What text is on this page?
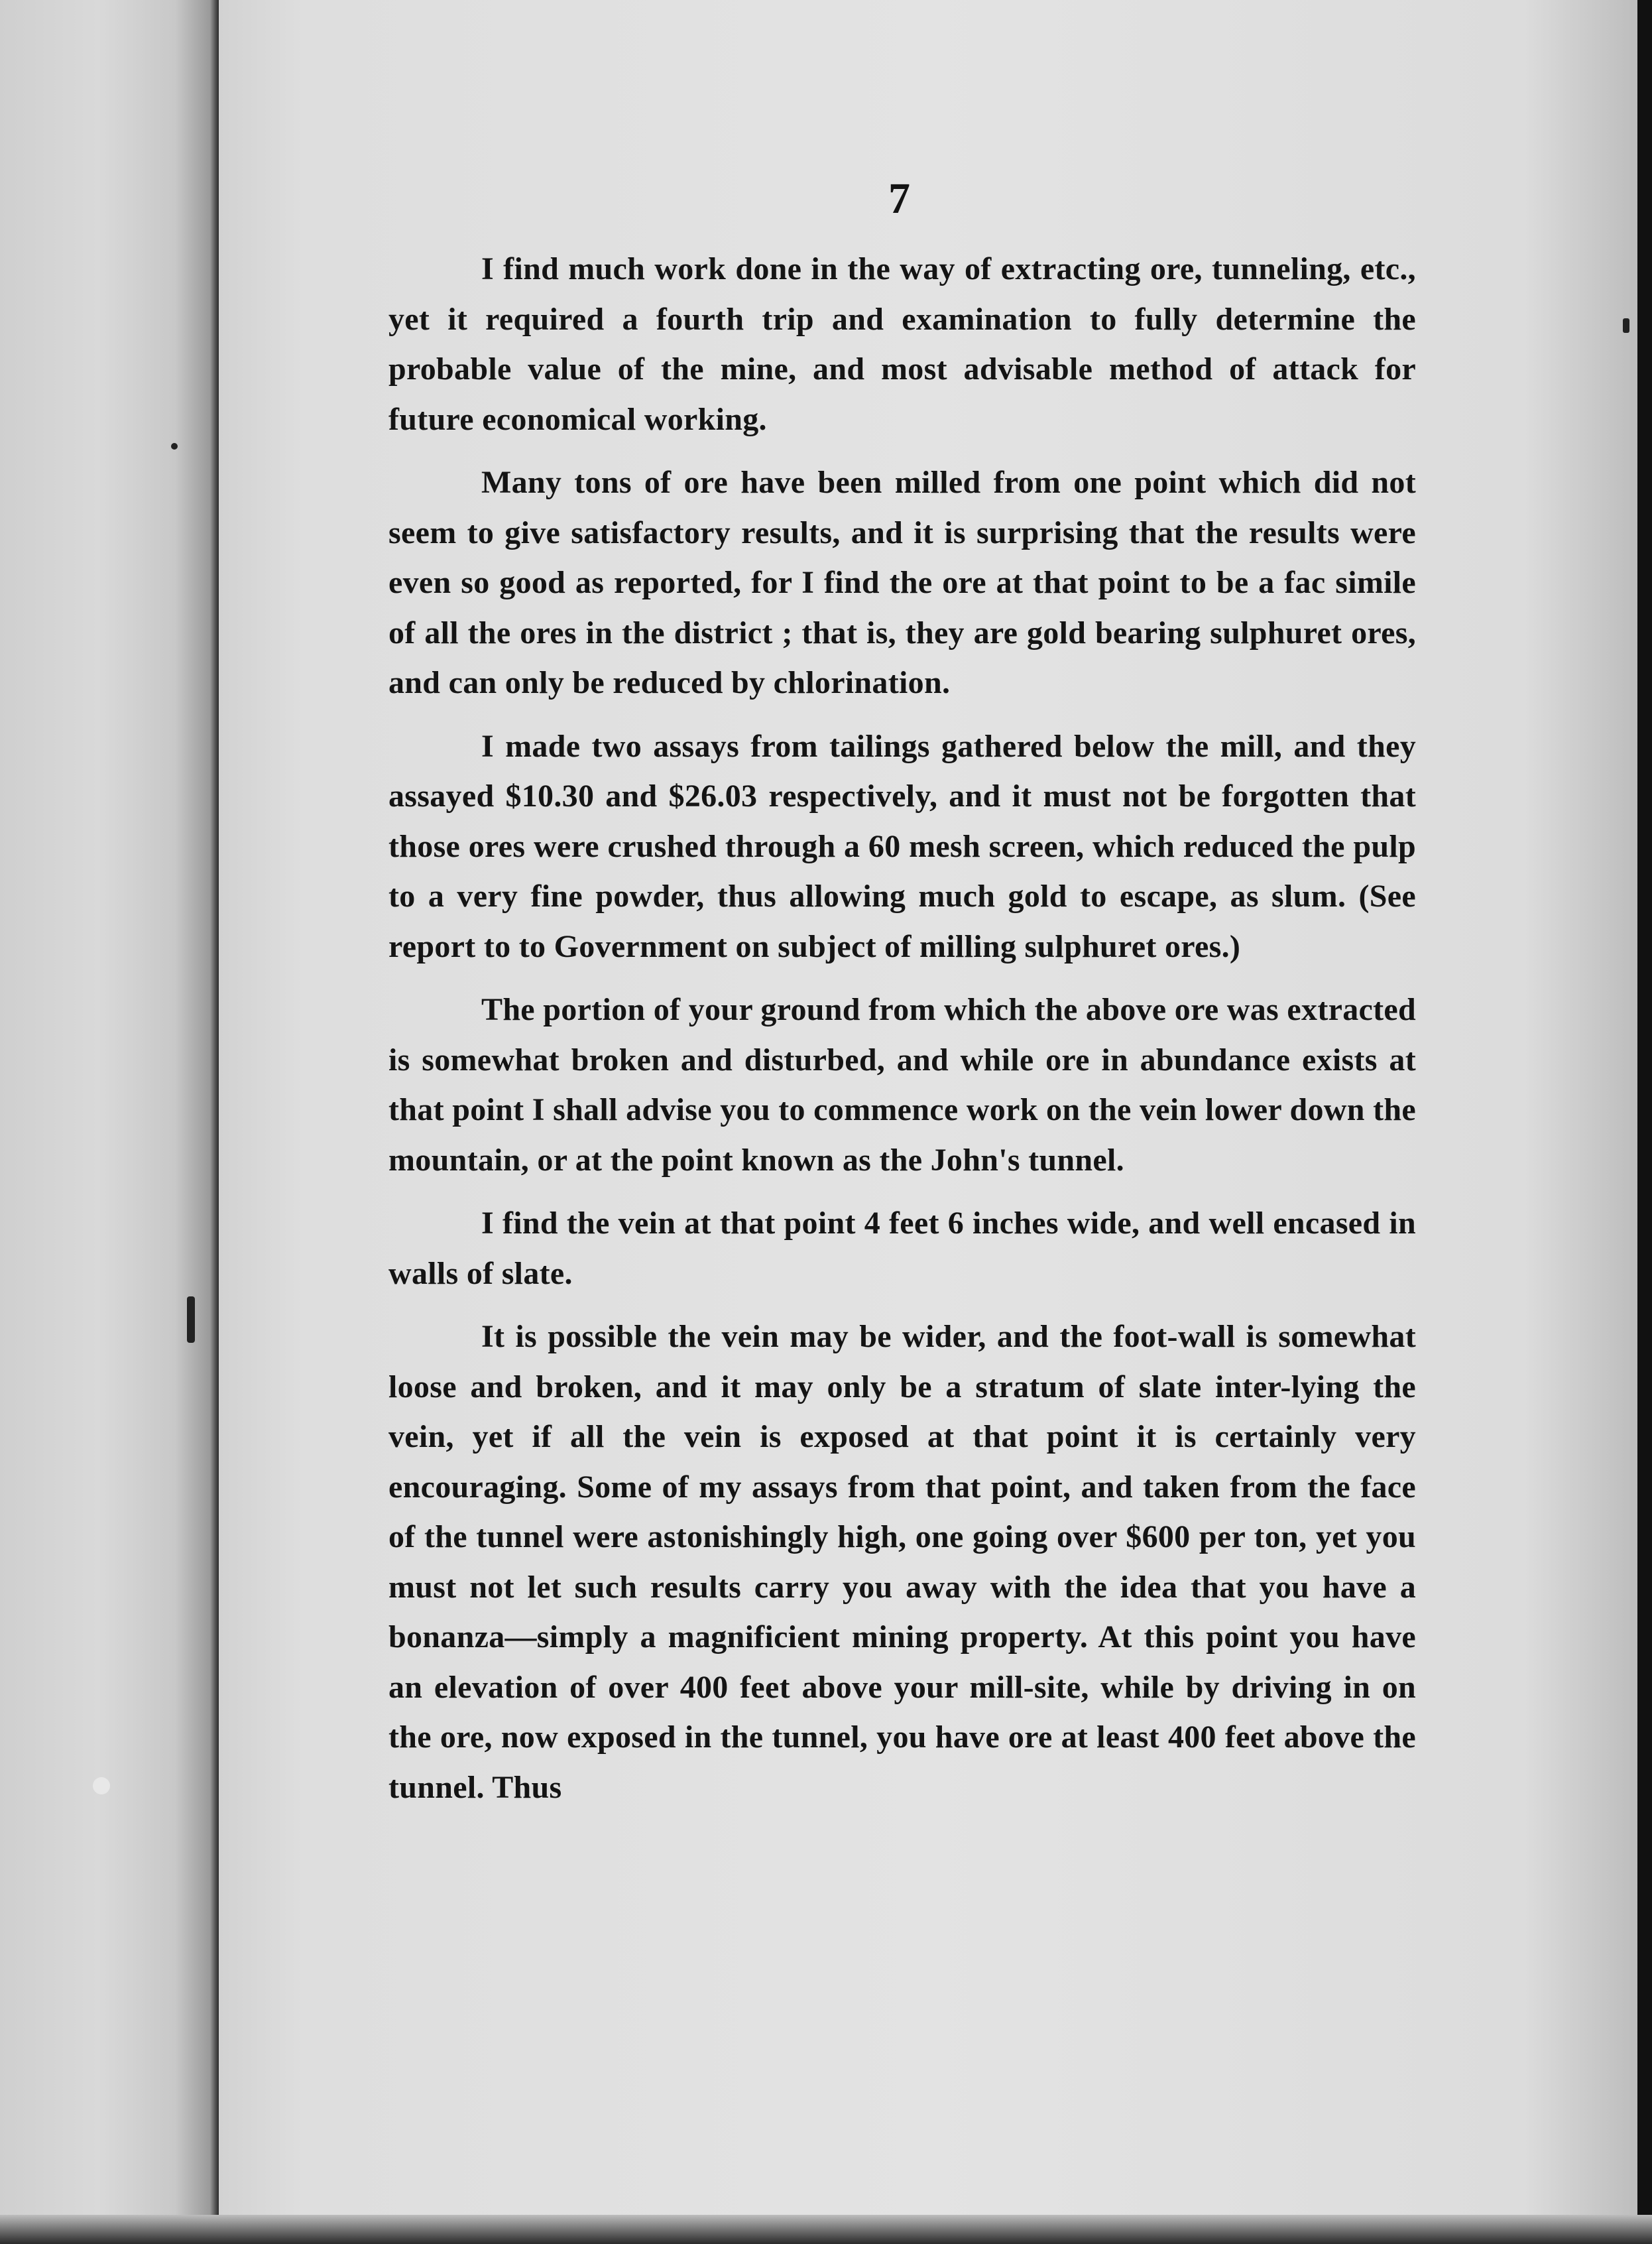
7

I find much work done in the way of extracting ore, tunneling, etc., yet it required a fourth trip and examination to fully determine the probable value of the mine, and most advisable method of attack for future economical working.

Many tons of ore have been milled from one point which did not seem to give satisfactory results, and it is surprising that the results were even so good as reported, for I find the ore at that point to be a fac simile of all the ores in the district ; that is, they are gold bearing sulphuret ores, and can only be reduced by chlorination.

I made two assays from tailings gathered below the mill, and they assayed $10.30 and $26.03 respectively, and it must not be forgotten that those ores were crushed through a 60 mesh screen, which reduced the pulp to a very fine powder, thus allowing much gold to escape, as slum. (See report to to Government on subject of milling sulphuret ores.)

The portion of your ground from which the above ore was extracted is somewhat broken and disturbed, and while ore in abundance exists at that point I shall advise you to commence work on the vein lower down the mountain, or at the point known as the John's tunnel.

I find the vein at that point 4 feet 6 inches wide, and well encased in walls of slate.

It is possible the vein may be wider, and the foot-wall is somewhat loose and broken, and it may only be a stratum of slate inter-lying the vein, yet if all the vein is exposed at that point it is certainly very encouraging. Some of my assays from that point, and taken from the face of the tunnel were astonishingly high, one going over $600 per ton, yet you must not let such results carry you away with the idea that you have a bonanza—simply a magnificient mining property. At this point you have an elevation of over 400 feet above your mill-site, while by driving in on the ore, now exposed in the tunnel, you have ore at least 400 feet above the tunnel. Thus
